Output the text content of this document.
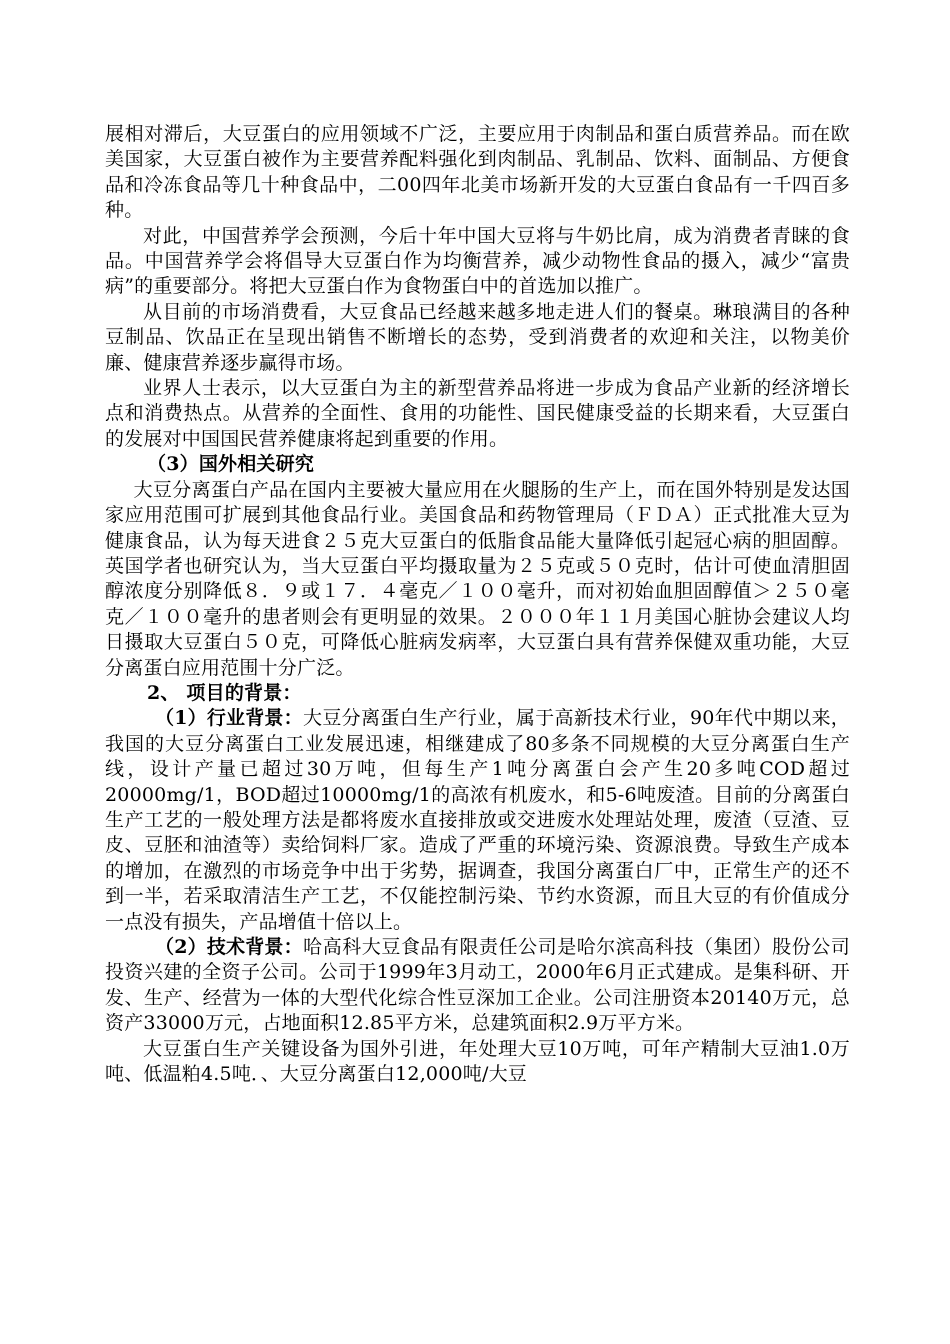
展相对滞后，大豆蛋白的应用领域不广泛，主要应用于肉制品和蛋白质营养品。而在欧美国家，大豆蛋白被作为主要营养配料强化到肉制品、乳制品、饮料、面制品、方便食品和冷冻食品等几十种食品中，二00四年北美市场新开发的大豆蛋白食品有一千四百多种。

对此，中国营养学会预测，今后十年中国大豆将与牛奶比肩，成为消费者青睐的食品。中国营养学会将倡导大豆蛋白作为均衡营养，减少动物性食品的摄入，减少“富贵病”的重要部分。将把大豆蛋白作为食物蛋白中的首选加以推广。

从目前的市场消费看，大豆食品已经越来越多地走进人们的餐桌。琳琅满目的各种豆制品、饮品正在呈现出销售不断增长的态势，受到消费者的欢迎和关注，以物美价廉、健康营养逐步赢得市场。

业界人士表示，以大豆蛋白为主的新型营养品将进一步成为食品产业新的经济增长点和消费热点。从营养的全面性、食用的功能性、国民健康受益的长期来看，大豆蛋白的发展对中国国民营养健康将起到重要的作用。

（3）国外相关研究

大豆分离蛋白产品在国内主要被大量应用在火腿肠的生产上，而在国外特别是发达国家应用范围可扩展到其他食品行业。美国食品和药物管理局（ＦＤＡ）正式批准大豆为健康食品，认为每天进食２５克大豆蛋白的低脂食品能大量降低引起冠心病的胆固醇。英国学者也研究认为，当大豆蛋白平均摄取量为２５克或５０克时，估计可使血清胆固醇浓度分别降低８．９或１７．４毫克／１００毫升，而对初始血胆固醇值＞２５０毫克／１００毫升的患者则会有更明显的效果。２０００年１１月美国心脏协会建议人均日摄取大豆蛋白５０克，可降低心脏病发病率，大豆蛋白具有营养保健双重功能，大豆分离蛋白应用范围十分广泛。

2、 项目的背景：

（1）行业背景：大豆分离蛋白生产行业，属于高新技术行业，90年代中期以来，我国的大豆分离蛋白工业发展迅速，相继建成了80多条不同规模的大豆分离蛋白生产线，设计产量已超过30万吨，但每生产1吨分离蛋白会产生20多吨COD超过20000mg/1，BOD超过10000mg/1的高浓有机废水，和5-6吨废渣。目前的分离蛋白生产工艺的一般处理方法是都将废水直接排放或交进废水处理站处理，废渣（豆渣、豆皮、豆胚和油渣等）卖给饲料厂家。造成了严重的环境污染、资源浪费。导致生产成本的增加，在激烈的市场竞争中出于劣势，据调查，我国分离蛋白厂中，正常生产的还不到一半，若采取清洁生产工艺，不仅能控制污染、节约水资源，而且大豆的有价值成分一点没有损失，产品增值十倍以上。

（2）技术背景：哈高科大豆食品有限责任公司是哈尔滨高科技（集团）股份公司投资兴建的全资子公司。公司于1999年3月动工，2000年6月正式建成。是集科研、开发、生产、经营为一体的大型代化综合性豆深加工企业。公司注册资本20140万元，总资产33000万元，占地面积12.85平方米，总建筑面积2.9万平方米。

大豆蛋白生产关键设备为国外引进，年处理大豆10万吨，可年产精制大豆油1.0万吨、低温粕4.5吨．、大豆分离蛋白12,000吨/大豆
